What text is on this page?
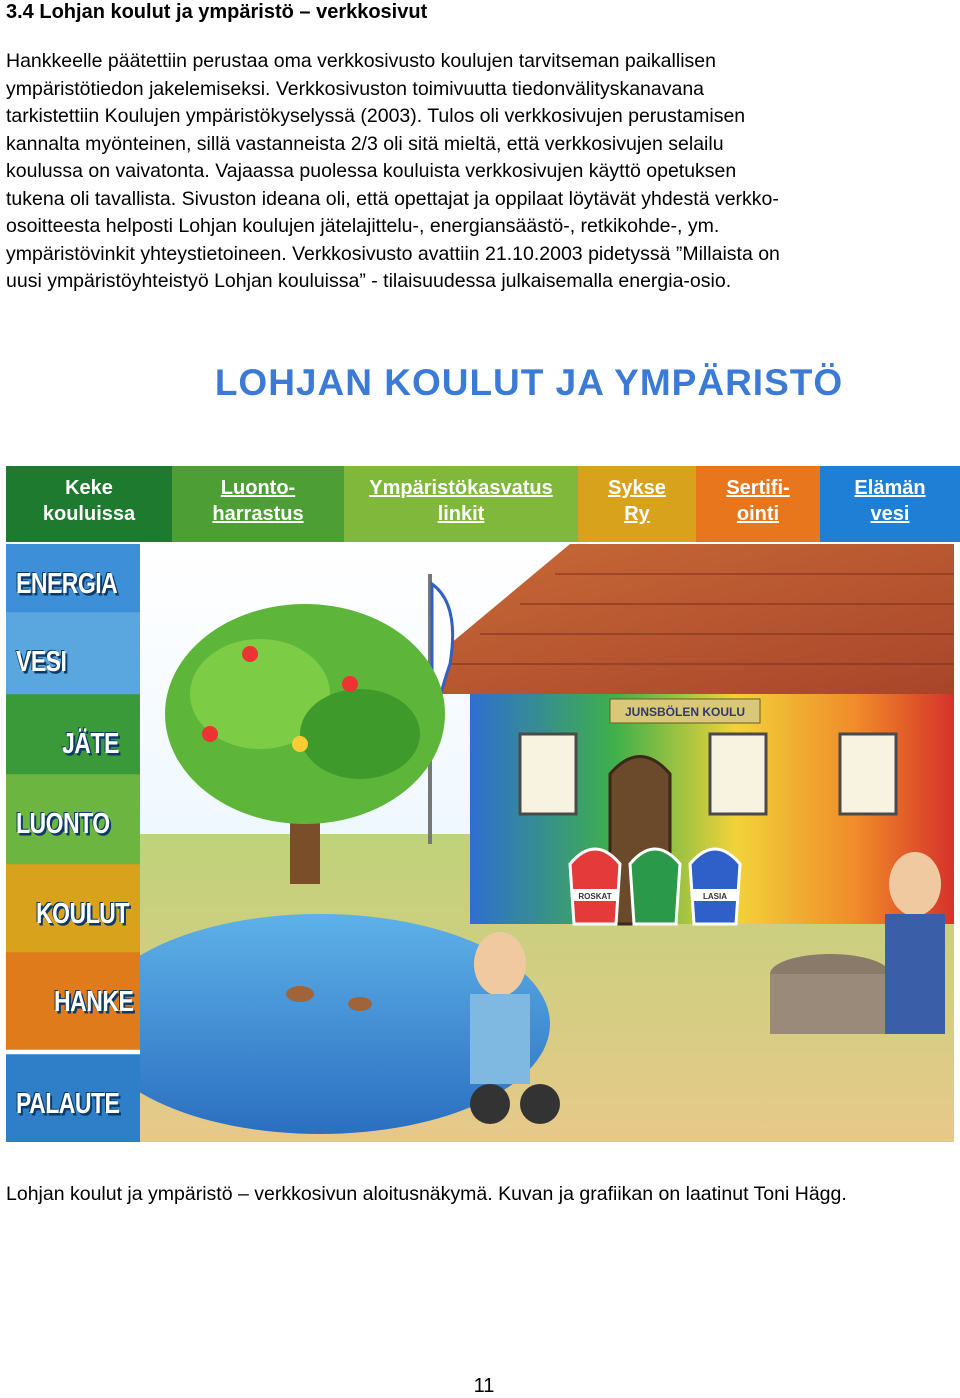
3.4 Lohjan koulut ja ympäristö – verkkosivut
Hankkeelle päätettiin perustaa oma verkkosivusto koulujen tarvitseman paikallisen
ympäristötiedon jakelemiseksi. Verkkosivuston toimivuutta tiedonvälityskanavana
tarkistettiin Koulujen ympäristökyselyssä (2003). Tulos oli verkkosivujen perustamisen
kannalta myönteinen, sillä vastanneista 2/3 oli sitä mieltä, että verkkosivujen selailu
koulussa on vaivatonta. Vajaassa puolessa kouluista verkkosivujen käyttö opetuksen
tukena oli tavallista. Sivuston ideana oli, että opettajat ja oppilaat löytävät yhdestä verkko-
osoitteesta helposti Lohjan koulujen jätelajittelu-, energiansäästö-, retkikohde-, ym.
ympäristövinkit yhteystietoineen. Verkkosivusto avattiin 21.10.2003 pidetyssä ”Millaista on
uusi ympäristöyhteistyö Lohjan kouluissa” - tilaisuudessa julkaisemalla energia-osio.
LOHJAN KOULUT JA YMPÄRISTÖ
Keke
kouluissa
Luonto-
harrastus
Ympäristökasvatus
linkit
Sykse
Ry
Sertifi-
ointi
Elämän
vesi
ENERGIA
VESI
JÄTE
LUONTO
KOULUT
HANKE
PALAUTE
JUNSBÖLEN KOULU
ROSKAT	LASIA

Lohjan koulut ja ympäristö – verkkosivun aloitusnäkymä. Kuvan ja grafiikan on laatinut Toni Hägg.

11
